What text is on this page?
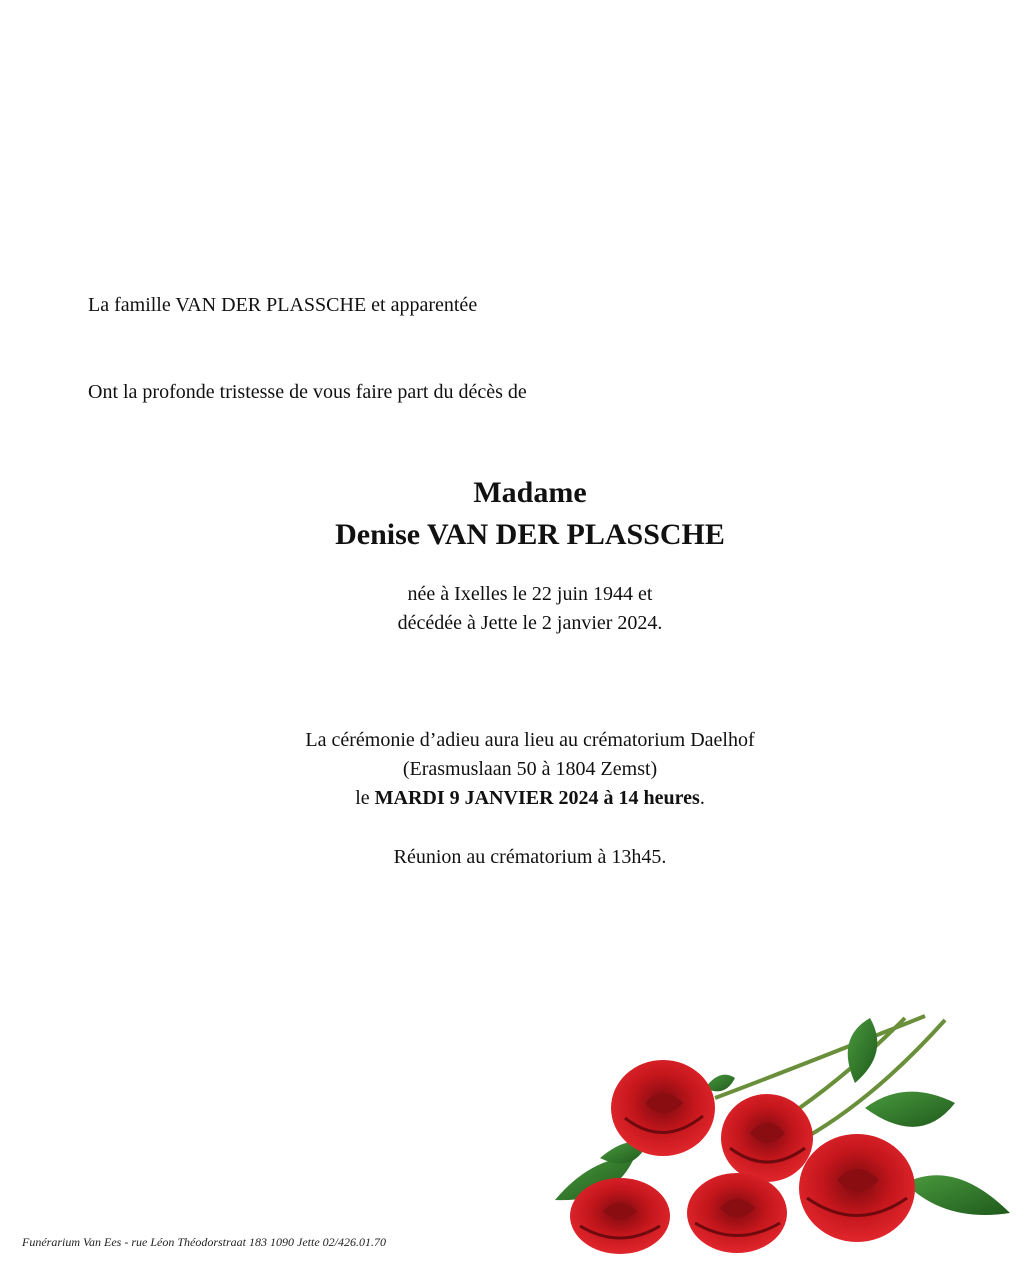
La famille VAN DER PLASSCHE et apparentée

Ont la profonde tristesse de vous faire part du décès de

Madame
Denise VAN DER PLASSCHE
née à Ixelles le 22 juin 1944 et
décédée à Jette le 2 janvier 2024.
La cérémonie d’adieu aura lieu au crématorium Daelhof
(Erasmuslaan 50 à 1804 Zemst)
le MARDI 9 JANVIER 2024 à 14 heures.
Réunion au crématorium à 13h45.
Funérarium Van Ees - rue Léon Théodorstraat 183 1090 Jette 02/426.01.70
